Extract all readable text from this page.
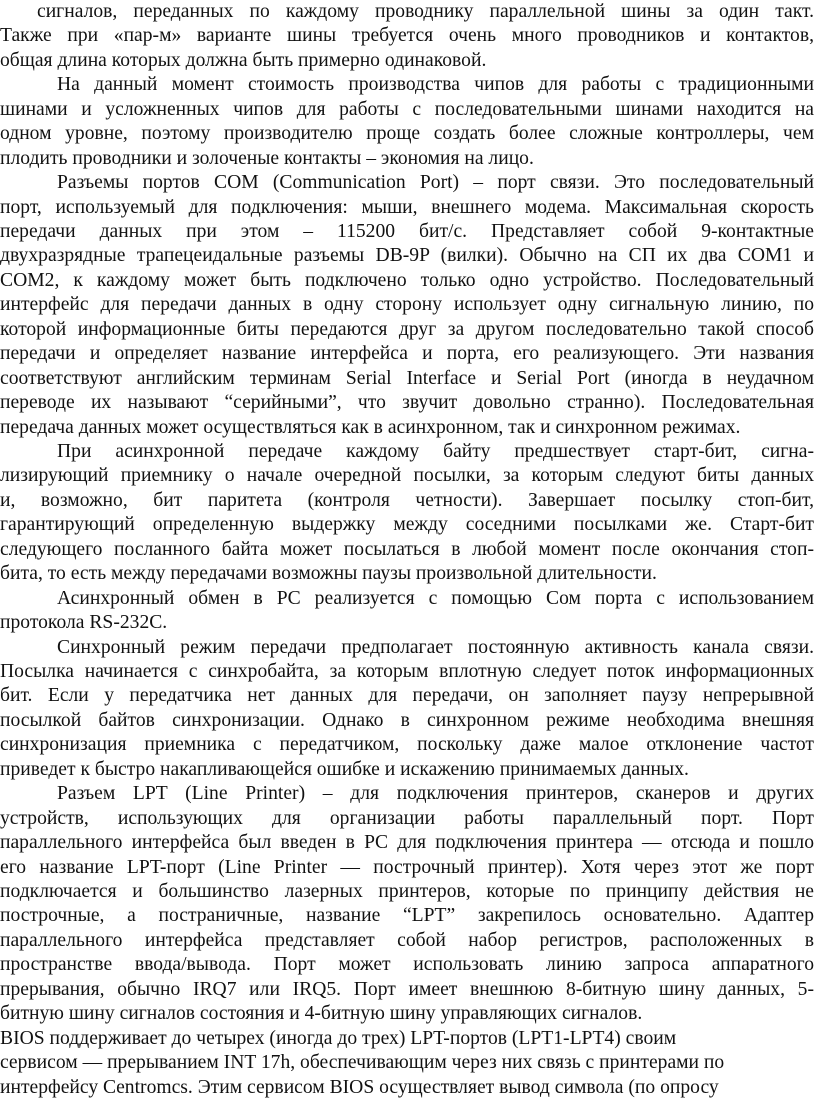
сигналов, переданных по каждому проводнику параллельной шины за один такт.
Также при «пар-м» варианте шины требуется очень много проводников и контактов,
общая длина которых должна быть примерно одинаковой.
На данный момент стоимость производства чипов для работы с традиционными
шинами и усложненных чипов для работы с последовательными шинами находится на
одном уровне, поэтому производителю проще создать более сложные контроллеры, чем
плодить проводники и золоченые контакты – экономия на лицо.
Разъемы портов COM (Communication Port) – порт связи. Это последовательный
порт, используемый для подключения: мыши, внешнего модема. Максимальная скорость
передачи данных при этом – 115200 бит/с. Представляет собой 9-контактные
двухразрядные трапецеидальные разъемы DB-9P (вилки). Обычно на СП их два COM1 и
COM2, к каждому может быть подключено только одно устройство. Последовательный
интерфейс для передачи данных в одну сторону использует одну сигнальную линию, по
которой информационные биты передаются друг за другом последовательно такой способ
передачи и определяет название интерфейса и порта, его реализующего. Эти названия
соответствуют английским терминам Serial Interface и Serial Port (иногда в неудачном
переводе их называют “серийными”, что звучит довольно странно). Последовательная
передача данных может осуществляться как в асинхронном, так и синхронном режимах.
При асинхронной передаче каждому байту предшествует старт-бит, сигна-
лизирующий приемнику о начале очередной посылки, за которым следуют биты данных
и, возможно, бит паритета (контроля четности). Завершает посылку стоп-бит,
гарантирующий определенную выдержку между соседними посылками же. Старт-бит
следующего посланного байта может посылаться в любой момент после окончания стоп-
бита, то есть между передачами возможны паузы произвольной длительности.
Асинхронный обмен в PC реализуется с помощью Сом порта с использованием
протокола RS-232C.
Синхронный режим передачи предполагает постоянную активность канала связи.
Посылка начинается с синхробайта, за которым вплотную следует поток информационных
бит. Если у передатчика нет данных для передачи, он заполняет паузу непрерывной
посылкой байтов синхронизации. Однако в синхронном режиме необходима внешняя
синхронизация приемника с передатчиком, поскольку даже малое отклонение частот
приведет к быстро накапливающейся ошибке и искажению принимаемых данных.
Разъем LPT (Line Printer) – для подключения принтеров, сканеров и других
устройств, использующих для организации работы параллельный порт. Порт
параллельного интерфейса был введен в PC для подключения принтера — отсюда и пошло
его название LPT-порт (Line Printer — построчный принтер). Хотя через этот же порт
подключается и большинство лазерных принтеров, которые по принципу действия не
построчные, а постраничные, название “LPT” закрепилось основательно. Адаптер
параллельного интерфейса представляет собой набор регистров, расположенных в
пространстве ввода/вывода. Порт может использовать линию запроса аппаратного
прерывания, обычно IRQ7 или IRQ5. Порт имеет внешнюю 8-битную шину данных, 5-
битную шину сигналов состояния и 4-битную шину управляющих сигналов.
BIOS поддерживает до четырех (иногда до трех) LPT-портов (LPT1-LPT4) своим
сервисом — прерыванием INT 17h, обеспечивающим через них связь с принтерами по
интерфейсу Centromcs. Этим сервисом BIOS осуществляет вывод символа (по опросу
